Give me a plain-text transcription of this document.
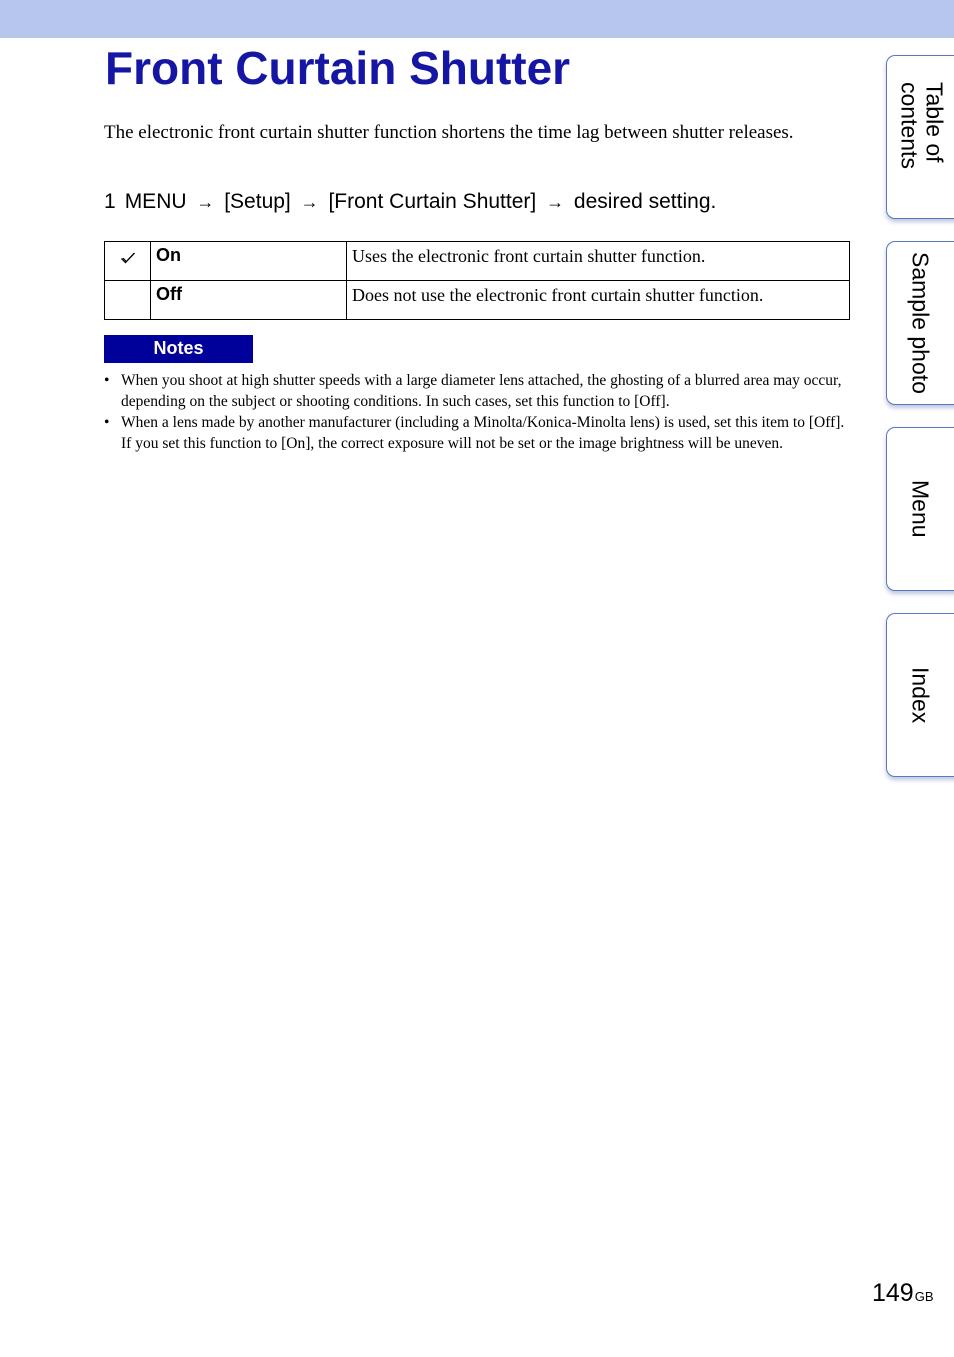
Front Curtain Shutter

The electronic front curtain shutter function shortens the time lag between shutter releases.

1 MENU → [Setup] → [Front Curtain Shutter] → desired setting.

	On	Uses the electronic front curtain shutter function.
	Off	Does not use the electronic front curtain shutter function.
Notes
• When you shoot at high shutter speeds with a large diameter lens attached, the ghosting of a blurred area may occur, depending on the subject or shooting conditions. In such cases, set this function to [Off].
• When a lens made by another manufacturer (including a Minolta/Konica-Minolta lens) is used, set this item to [Off]. If you set this function to [On], the correct exposure will not be set or the image brightness will be uneven.
Table of contents
Sample photo
Menu
Index
$149^{GB}$
